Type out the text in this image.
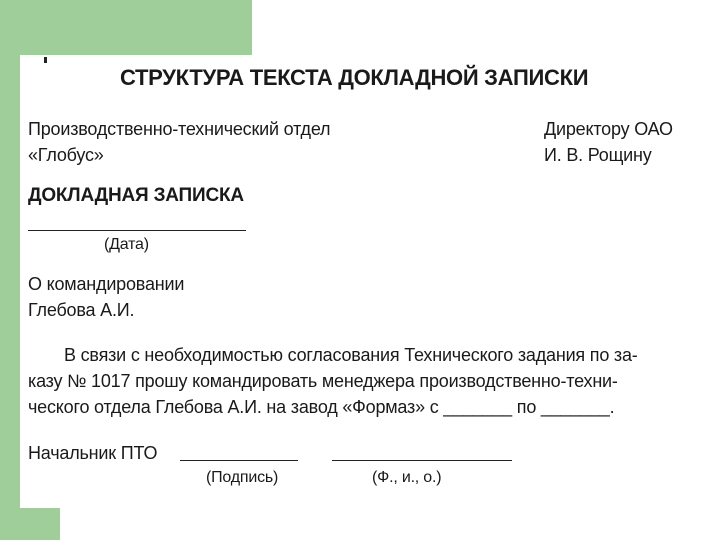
СТРУКТУРА ТЕКСТА ДОКЛАДНОЙ ЗАПИСКИ
Производственно-технический отдел
«Глобус»
Директору ОАО
И. В. Рощину
ДОКЛАДНАЯ ЗАПИСКА
(Дата)
О командировании
Глебова А.И.
В связи с необходимостью согласования Технического задания по за-
казу № 1017 прошу командировать менеджера производственно-техни-
ческого отдела Глебова А.И. на завод «Формаз» с _______ по _______.
Начальник ПТО
(Подпись)	(Ф., и., о.)
